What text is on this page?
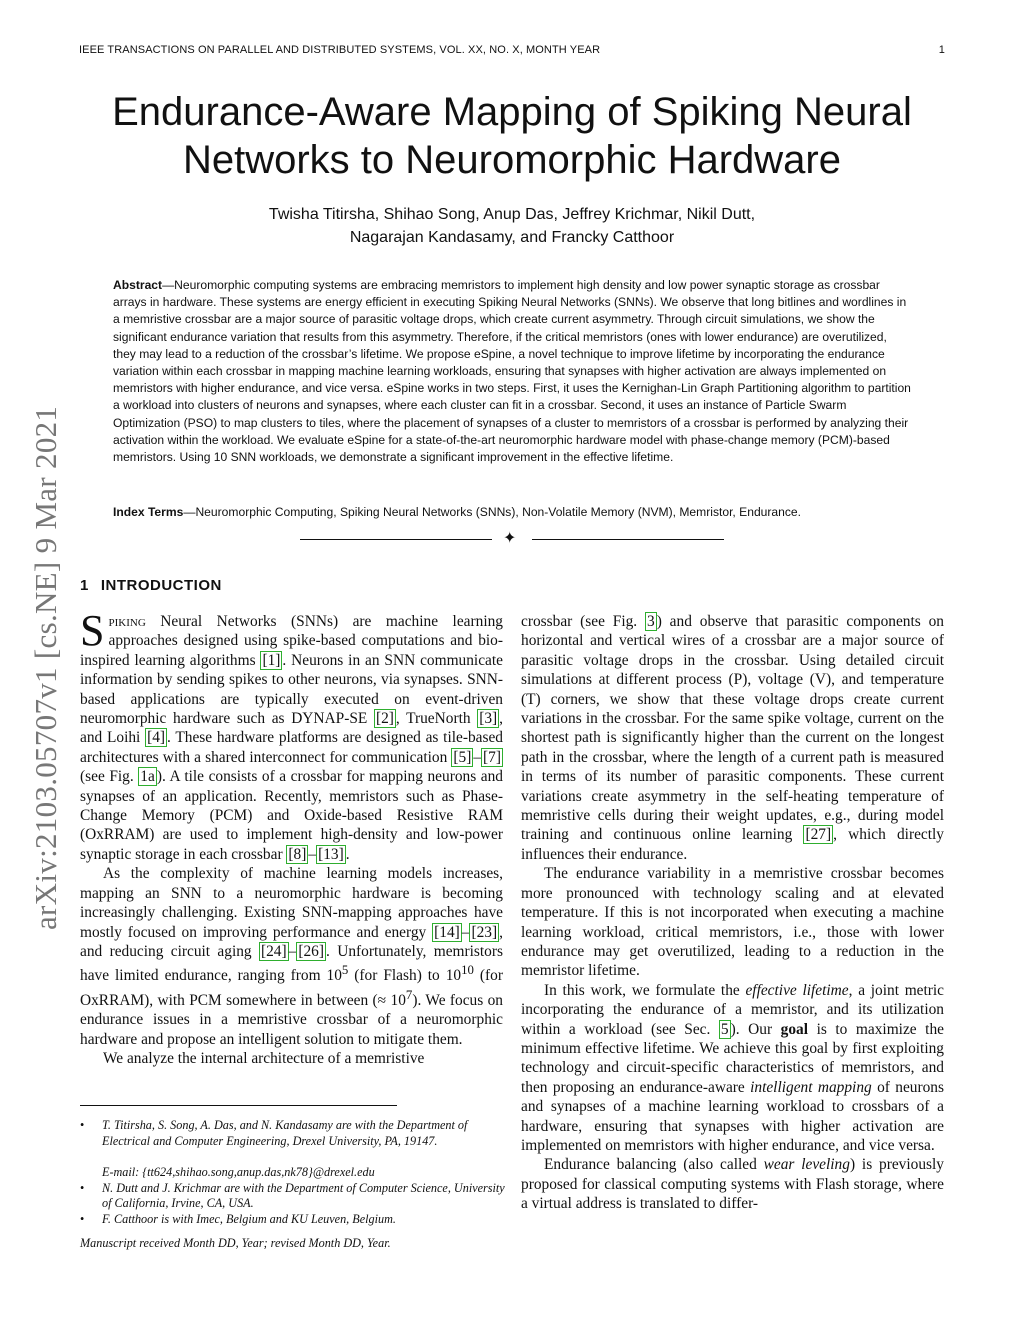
IEEE TRANSACTIONS ON PARALLEL AND DISTRIBUTED SYSTEMS, VOL. XX, NO. X, MONTH YEAR	1
Endurance-Aware Mapping of Spiking Neural
Networks to Neuromorphic Hardware
Twisha Titirsha, Shihao Song, Anup Das, Jeffrey Krichmar, Nikil Dutt,
Nagarajan Kandasamy, and Francky Catthoor
Abstract—Neuromorphic computing systems are embracing memristors to implement high density and low power synaptic storage as crossbar arrays in hardware. These systems are energy efficient in executing Spiking Neural Networks (SNNs). We observe that long bitlines and wordlines in a memristive crossbar are a major source of parasitic voltage drops, which create current asymmetry. Through circuit simulations, we show the significant endurance variation that results from this asymmetry. Therefore, if the critical memristors (ones with lower endurance) are overutilized, they may lead to a reduction of the crossbar’s lifetime. We propose eSpine, a novel technique to improve lifetime by incorporating the endurance variation within each crossbar in mapping machine learning workloads, ensuring that synapses with higher activation are always implemented on memristors with higher endurance, and vice versa. eSpine works in two steps. First, it uses the Kernighan-Lin Graph Partitioning algorithm to partition a workload into clusters of neurons and synapses, where each cluster can fit in a crossbar. Second, it uses an instance of Particle Swarm Optimization (PSO) to map clusters to tiles, where the placement of synapses of a cluster to memristors of a crossbar is performed by analyzing their activation within the workload. We evaluate eSpine for a state-of-the-art neuromorphic hardware model with phase-change memory (PCM)-based memristors. Using 10 SNN workloads, we demonstrate a significant improvement in the effective lifetime.
Index Terms—Neuromorphic Computing, Spiking Neural Networks (SNNs), Non-Volatile Memory (NVM), Memristor, Endurance.
✦
arXiv:2103.05707v1 [cs.NE] 9 Mar 2021 1 INTRODUCTION

Spiking Neural Networks (SNNs) are machine learning approaches designed using spike-based computations and bio-inspired learning algorithms [1] . Neurons in an SNN communicate information by sending spikes to other neurons, via synapses. SNN-based applications are typically executed on event-driven neuromorphic hardware such as DYNAP-SE [2] , TrueNorth [3] , and Loihi [4] . These hardware platforms are designed as tile-based architectures with a shared interconnect for communication [5] – [7] (see Fig. 1a ). A tile consists of a crossbar for mapping neurons and synapses of an application. Recently, memristors such as Phase-Change Memory (PCM) and Oxide-based Resistive RAM (OxRRAM) are used to implement high-density and low-power synaptic storage in each crossbar [8] – [13] .

As the complexity of machine learning models increases, mapping an SNN to a neuromorphic hardware is becoming increasingly challenging. Existing SNN-mapping approaches have mostly focused on improving performance and energy [14] – [23] , and reducing circuit aging [24] – [26] . Unfortunately, memristors have limited endurance, ranging from $10^5$ (for Flash) to $10^{10}$ (for OxRRAM), with PCM somewhere in between (≈ $10^7$). We focus on endurance issues in a memristive crossbar of a neuromorphic hardware and propose an intelligent solution to mitigate them.

We analyze the internal architecture of a memristive

crossbar (see Fig. 3 ) and observe that parasitic components on horizontal and vertical wires of a crossbar are a major source of parasitic voltage drops in the crossbar. Using detailed circuit simulations at different process (P), voltage (V), and temperature (T) corners, we show that these voltage drops create current variations in the crossbar. For the same spike voltage, current on the shortest path is significantly higher than the current on the longest path in the crossbar, where the length of a current path is measured in terms of its number of parasitic components. These current variations create asymmetry in the self-heating temperature of memristive cells during their weight updates, e.g., during model training and continuous online learning [27] , which directly influences their endurance.

The endurance variability in a memristive crossbar becomes more pronounced with technology scaling and at elevated temperature. If this is not incorporated when executing a machine learning workload, critical memristors, i.e., those with lower endurance may get overutilized, leading to a reduction in the memristor lifetime.

In this work, we formulate the effective lifetime, a joint metric incorporating the endurance of a memristor, and its utilization within a workload (see Sec. 5 ). Our goal is to maximize the minimum effective lifetime. We achieve this goal by first exploiting technology and circuit-specific characteristics of memristors, and then proposing an endurance-aware intelligent mapping of neurons and synapses of a machine learning workload to crossbars of a hardware, ensuring that synapses with higher activation are implemented on memristors with higher endurance, and vice versa.

Endurance balancing (also called wear leveling) is previously proposed for classical computing systems with Flash storage, where a virtual address is translated to differ-

• T. Titirsha, S. Song, A. Das, and N. Kandasamy are with the Department of Electrical and Computer Engineering, Drexel University, PA, 19147.

E-mail: {tt624,shihao.song,anup.das,nk78}@drexel.edu

• N. Dutt and J. Krichmar are with the Department of Computer Science, University of California, Irvine, CA, USA.

• F. Catthoor is with Imec, Belgium and KU Leuven, Belgium.

Manuscript received Month DD, Year; revised Month DD, Year.
